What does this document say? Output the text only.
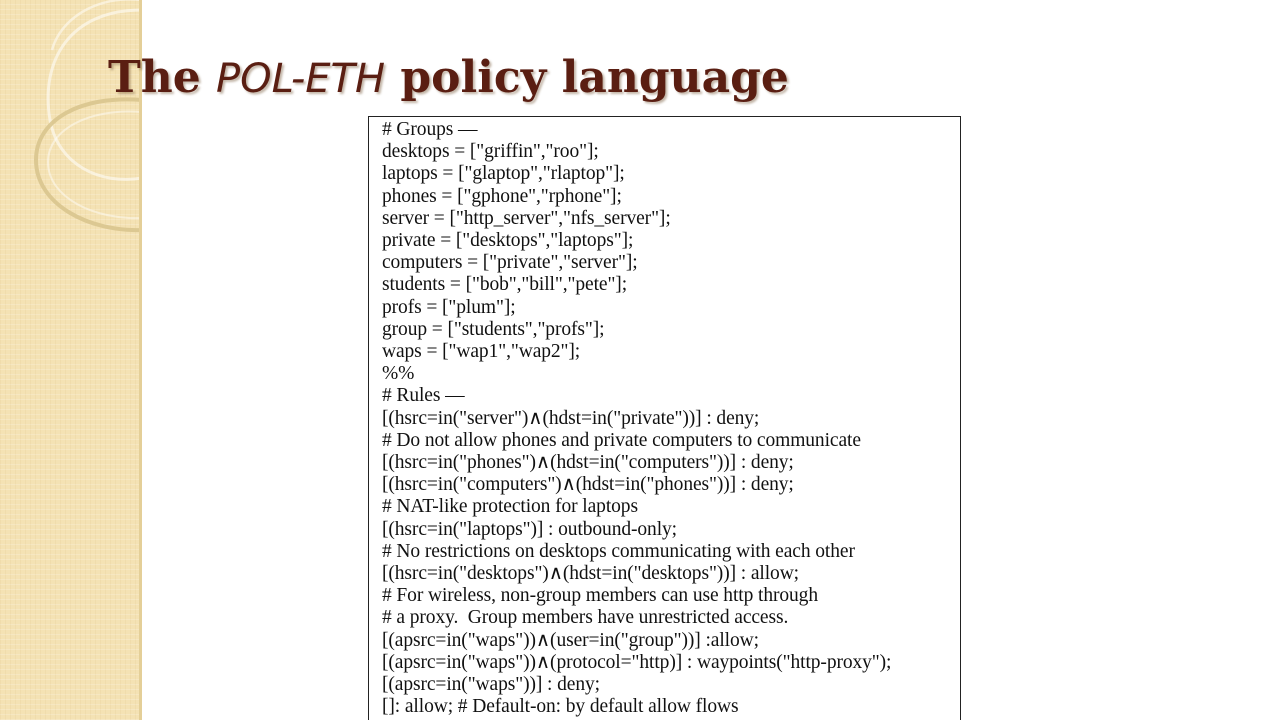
The POL-ETH policy language
# Groups —
desktops = ["griffin","roo"];
laptops = ["glaptop","rlaptop"];
phones = ["gphone","rphone"];
server = ["http_server","nfs_server"];
private = ["desktops","laptops"];
computers = ["private","server"];
students = ["bob","bill","pete"];
profs = ["plum"];
group = ["students","profs"];
waps = ["wap1","wap2"];
%%
# Rules —
[(hsrc=in("server")∧(hdst=in("private"))] : deny;
# Do not allow phones and private computers to communicate
[(hsrc=in("phones")∧(hdst=in("computers"))] : deny;
[(hsrc=in("computers")∧(hdst=in("phones"))] : deny;
# NAT-like protection for laptops
[(hsrc=in("laptops")] : outbound-only;
# No restrictions on desktops communicating with each other
[(hsrc=in("desktops")∧(hdst=in("desktops"))] : allow;
# For wireless, non-group members can use http through
# a proxy.  Group members have unrestricted access.
[(apsrc=in("waps"))∧(user=in("group"))] :allow;
[(apsrc=in("waps"))∧(protocol="http)] : waypoints("http-proxy");
[(apsrc=in("waps"))] : deny;
[]: allow; # Default-on: by default allow flows
